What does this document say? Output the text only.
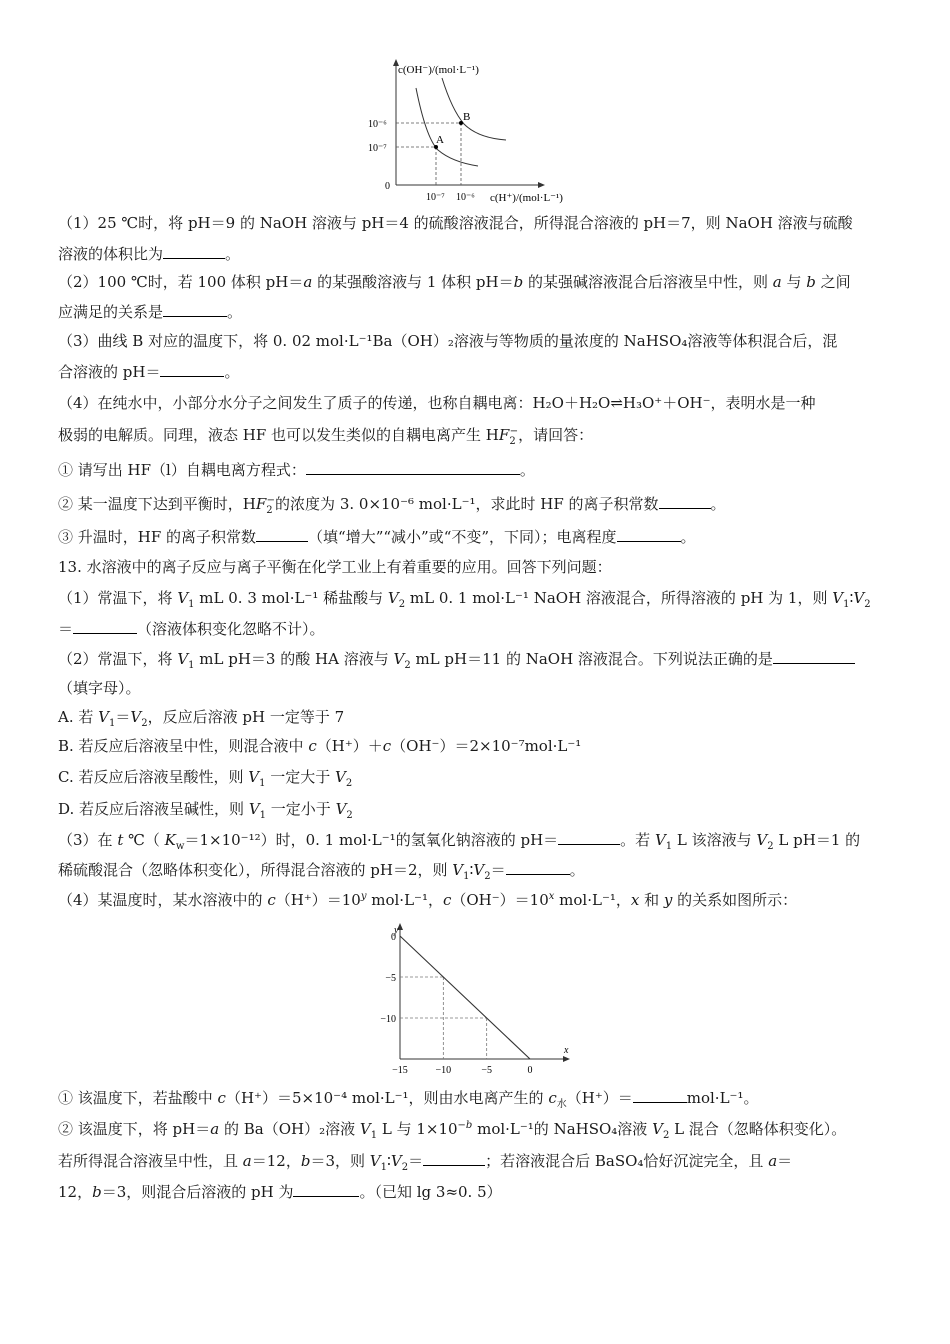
c(OH⁻)/(mol·L⁻¹)
c(H⁺)/(mol·L⁻¹)
0
10⁻⁶
10⁻⁷
10⁻⁷ 10⁻⁶
A
B
（1）25 ℃时，将 pH＝9 的 NaOH 溶液与 pH＝4 的硫酸溶液混合，所得混合溶液的 pH＝7，则 NaOH 溶液与硫酸
溶液的体积比为	。
（2）100 ℃时，若 100 体积 pH＝a 的某强酸溶液与 1 体积 pH＝b 的某强碱溶液混合后溶液呈中性，则 a 与 b 之间
应满足的关系是	。
（3）曲线 B 对应的温度下，将 0. 02 mol·L⁻¹Ba（OH）₂溶液与等物质的量浓度的 NaHSO₄溶液等体积混合后，混
合溶液的 pH＝	。
（4）在纯水中，小部分水分子之间发生了质子的传递，也称自耦电离：H₂O＋H₂O⇌H₃O⁺＋OH⁻，表明水是一种
极弱的电解质。同理，液态 HF 也可以发生类似的自耦电离产生 $HF_2^-$，请回答：
① 请写出 HF（l）自耦电离方程式：	。
② 某一温度下达到平衡时，$HF_2^-$的浓度为 3. 0×10⁻⁶ mol·L⁻¹，求此时 HF 的离子积常数	。
③ 升温时，HF 的离子积常数	（填“增大”“减小”或“不变”，下同）；电离程度	。
13. 水溶液中的离子反应与离子平衡在化学工业上有着重要的应用。回答下列问题：
（1）常温下，将 $V_1$ mL 0. 3 mol·L⁻¹ 稀盐酸与 $V_2$ mL 0. 1 mol·L⁻¹ NaOH 溶液混合，所得溶液的 pH 为 1，则 $V_1∶V_2$
＝	（溶液体积变化忽略不计）。
（2）常温下，将 $V_1$ mL pH＝3 的酸 HA 溶液与 $V_2$ mL pH＝11 的 NaOH 溶液混合。下列说法正确的是
（填字母）。
A. 若 $V_1=V_2$，反应后溶液 pH 一定等于 7
B. 若反应后溶液呈中性，则混合液中 c（H⁺）＋c（OH⁻）＝2×10⁻⁷mol·L⁻¹
C. 若反应后溶液呈酸性，则 $V_1$ 一定大于 $V_2$
D. 若反应后溶液呈碱性，则 $V_1$ 一定小于 $V_2$
（3）在 t ℃（ $K_w=1\times 10^{-12}$）时，0. 1 mol·L⁻¹的氢氧化钠溶液的 pH＝	。若 $V_1$ L 该溶液与 $V_2$ L pH＝1 的
稀硫酸混合（忽略体积变化），所得混合溶液的 pH＝2，则 $V_1∶V_2=$	。
（4）某温度时，某水溶液中的 $c(H^+)=10^y$ mol·L⁻¹，$c(OH^-)=10^x$ mol·L⁻¹，x 和 y 的关系如图所示：
y
x
0
−5
−10
−15	−10	−5	0
① 该温度下，若盐酸中 c（H⁺）＝5×10⁻⁴ mol·L⁻¹，则由水电离产生的 $c_水(H^+)=$	mol·L⁻¹。
② 该温度下，将 pH＝a 的 Ba（OH）₂溶液 $V_1$ L 与 $1\times 10^{-b}$ mol·L⁻¹的 NaHSO₄溶液 $V_2$ L 混合（忽略体积变化）。
若所得混合溶液呈中性，且 a＝12，b＝3，则 $V_1∶V_2=$	；若溶液混合后 BaSO₄恰好沉淀完全，且 a＝
12，b＝3，则混合后溶液的 pH 为	。（已知 lg 3≈0. 5）
